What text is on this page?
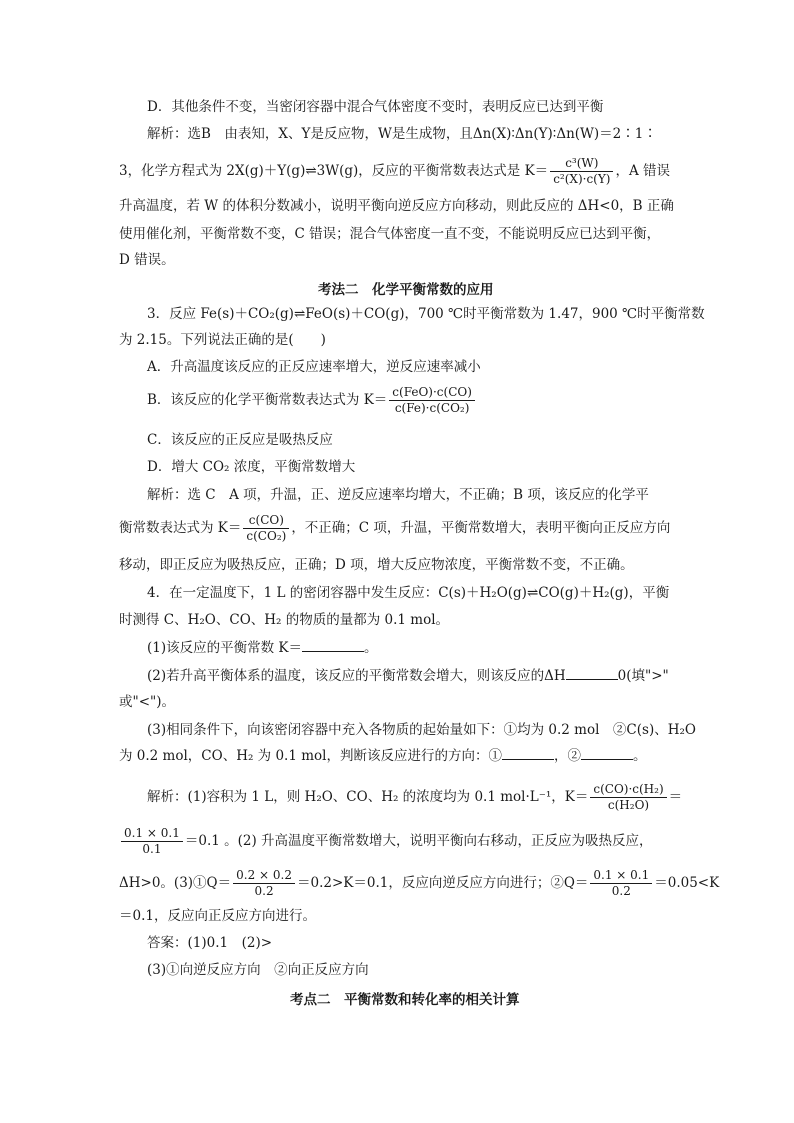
D．其他条件不变，当密闭容器中混合气体密度不变时，表明反应已达到平衡
解析：选B　由表知，X、Y是反应物，W是生成物，且Δn(X)∶Δn(Y)∶Δn(W)＝2∶1∶
3，化学方程式为 2X(g)＋Y(g)⇌3W(g)，反应的平衡常数表达式是 $K= \frac{\text{c³(W)}}{\text{c²(X)·c(Y)}}$ ，A 错误
升高温度，若 W 的体积分数减小，说明平衡向逆反应方向移动，则此反应的 ΔH<0，B 正确
使用催化剂，平衡常数不变，C 错误；混合气体密度一直不变，不能说明反应已达到平衡，
D 错误。
考法二　化学平衡常数的应用
3．反应 Fe(s)＋CO₂(g)⇌FeO(s)＋CO(g)，700 ℃时平衡常数为 1.47，900 ℃时平衡常数
为 2.15。下列说法正确的是(　　)
A．升高温度该反应的正反应速率增大，逆反应速率减小
B．该反应的化学平衡常数表达式为 $K= \frac{\text{c(FeO)·c(CO)}}{\text{c(Fe)·c(CO₂)}}$
C．该反应的正反应是吸热反应
D．增大 CO₂ 浓度，平衡常数增大
解析：选 C　A 项，升温，正、逆反应速率均增大，不正确；B 项，该反应的化学平
衡常数表达式为 $K= \frac{c(CO)}{\text{c(CO₂)}}$ ，不正确；C 项，升温，平衡常数增大，表明平衡向正反应方向
移动，即正反应为吸热反应，正确；D 项，增大反应物浓度，平衡常数不变，不正确。
4．在一定温度下，1 L 的密闭容器中发生反应：C(s)＋H₂O(g)⇌CO(g)＋H₂(g)，平衡
时测得 C、H₂O、CO、H₂ 的物质的量都为 0.1 mol。
(1)该反应的平衡常数 K＝	。
(2)若升高平衡体系的温度，该反应的平衡常数会增大，则该反应的ΔH	0(填">"
或"<")。
(3)相同条件下，向该密闭容器中充入各物质的起始量如下：①均为 0.2 mol　②C(s)、H₂O
为 0.2 mol，CO、H₂ 为 0.1 mol，判断该反应进行的方向：①	，②	。
解析：(1)容积为 1 L，则 H₂O、CO、H₂ 的浓度均为 0.1 mol·L⁻¹，$K= \frac{\text{c(CO)·c(H₂)}}{\text{c(H₂O)}}$ ＝
$\frac{0.1 \times 0.1}{0.1} =0.1$ 。(2) 升高温度平衡常数增大，说明平衡向右移动，正反应为吸热反应，
ΔH>0。(3)①Q＝ $\frac{0.2 \times 0.2}{0.2} =0.2>K=0.1$，反应向逆反应方向进行；②Q＝ $\frac{0.1 \times 0.1}{0.2} =0.05<K$
＝0.1，反应向正反应方向进行。
答案：(1)0.1　(2)>
(3)①向逆反应方向　②向正反应方向
考点二　平衡常数和转化率的相关计算
